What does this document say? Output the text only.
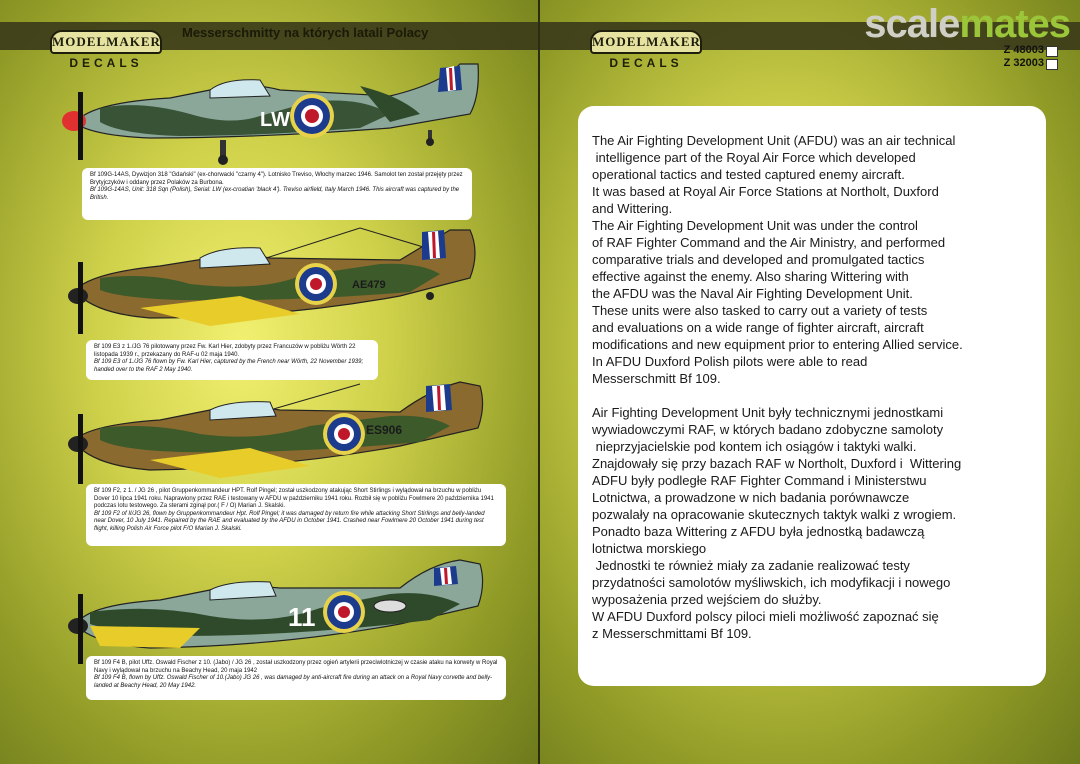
MODELMAKER
DECALS
Messerschmitty na których latali Polacy
LW

Bf 109G-14AS, Dywizjon 318 "Gdański" (ex-chorwacki "czarny 4"). Lotnisko Treviso, Włochy marzec 1946. Samolot ten został przejęty przez Brytyjczyków i oddany przez Polaków za Burbona.

Bf 109G-14AS, Unit: 318 Sqn (Polish), Serial: LW (ex-croatian 'black 4'). Treviso airfield, Italy March 1946. This aircraft was captured by the British.

AE479

Bf 109 E3 z 1./JG 76 pilotowany przez Fw. Karl Hier, zdobyty przez Francuzów w pobliżu Wörth 22 listopada 1939 r., przekazany do RAF-u 02 maja 1940.

Bf 109 E3 of 1./JG 76 flown by Fw. Karl Hier, captured by the French near Wörth, 22 November 1939; handed over to the RAF 2 May 1940.

ES906

Bf 109 F2, z 1. / JG 26 , pilot Gruppenkommandeur HPT. Rolf Pingel; został uszkodzony atakując Short Stirlings i wylądował na brzuchu w pobliżu Dover 10 lipca 1941 roku. Naprawiony przez RAE i testowany w AFDU w październiku 1941 roku. Rozbił się w pobliżu Fowlmere 20 października 1941 podczas lotu testowego. Za sterami zginął por.( F / O) Marian J. Skalski.

Bf 109 F2 of II/JG 26, flown by Gruppenkommandeur Hpt. Rolf Pingel; it was damaged by return fire while attacking Short Stirlings and belly-landed near Dover, 10 July 1941. Repaired by the RAE and evaluated by the AFDU in October 1941. Crashed near Fowlmere 20 October 1941 during test flight, killing Polish Air Force pilot F/O Marian J. Skalski.

11

Bf 109 F4 B, pilot Uffz. Oswald Fischer z 10. (Jabo) / JG 26 , został uszkodzony przez ogień artylerii przeciwlotniczej w czasie ataku na korwety w Royal Navy i wylądował na brzuchu na Beachy Head, 20 maja 1942

Bf 109 F4 B, flown by Uffz. Oswald Fischer of 10.(Jabo) JG 26 , was damaged by anti-aircraft fire during an attack on a Royal Navy corvette and belly-landed at Beachy Head, 20 May 1942.

MODELMAKER
DECALS
scalemates
Z 48003
Z 32003

The Air Fighting Development Unit (AFDU) was an air technical

intelligence part of the Royal Air Force which developed

operational tactics and tested captured enemy aircraft.

It was based at Royal Air Force Stations at Northolt, Duxford

and Wittering.

The Air Fighting Development Unit was under the control

of RAF Fighter Command and the Air Ministry, and performed

comparative trials and developed and promulgated tactics

effective against the enemy. Also sharing Wittering with

the AFDU was the Naval Air Fighting Development Unit.

These units were also tasked to carry out a variety of tests

and evaluations on a wide range of fighter aircraft, aircraft

modifications and new equipment prior to entering Allied service.

In AFDU Duxford Polish pilots were able to read

Messerschmitt Bf 109.

Air Fighting Development Unit były technicznymi jednostkami

wywiadowczymi RAF, w których badano zdobyczne samoloty

nieprzyjacielskie pod kontem ich osiągów i taktyki walki.

Znajdowały się przy bazach RAF w Northolt, Duxford i  Wittering

ADFU były podległe RAF Fighter Command i Ministerstwu

Lotnictwa, a prowadzone w nich badania porównawcze

pozwalały na opracowanie skutecznych taktyk walki z wrogiem.

Ponadto baza Wittering z AFDU była jednostką badawczą

lotnictwa morskiego

Jednostki te również miały za zadanie realizować testy

przydatności samolotów myśliwskich, ich modyfikacji i nowego

wyposażenia przed wejściem do służby.

W AFDU Duxford polscy piloci mieli możliwość zapoznać się

z Messerschmittami Bf 109.
